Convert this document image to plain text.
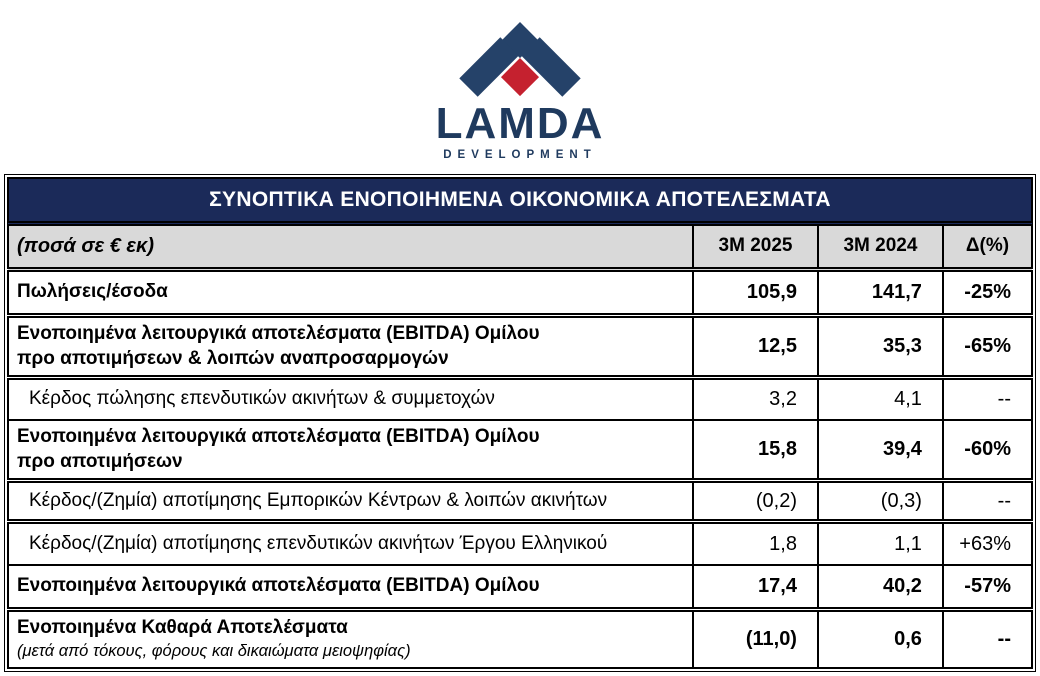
LAMDA
DEVELOPMENT
ΣΥΝΟΠΤΙΚΑ ΕΝΟΠΟΙΗΜΕΝΑ ΟΙΚΟΝΟΜΙΚΑ ΑΠΟΤΕΛΕΣΜΑΤΑ
(ποσά σε € εκ)	3M 2025	3M 2024	Δ(%)

Πωλήσεις/έσοδα	105,9	141,7	-25%

Ενοποιημένα λειτουργικά αποτελέσματα (EBITDA) Ομίλου
προ αποτιμήσεων & λοιπών αναπροσαρμογών	12,5	35,3	-65%

Κέρδος πώλησης επενδυτικών ακινήτων & συμμετοχών	3,2	4,1	--

Ενοποιημένα λειτουργικά αποτελέσματα (EBITDA) Ομίλου
προ αποτιμήσεων	15,8	39,4	-60%

Κέρδος/(Ζημία) αποτίμησης Εμπορικών Κέντρων & λοιπών ακινήτων	(0,2)	(0,3)	--

Κέρδος/(Ζημία) αποτίμησης επενδυτικών ακινήτων Έργου Ελληνικού	1,8	1,1	+63%

Ενοποιημένα λειτουργικά αποτελέσματα (EBITDA) Ομίλου	17,4	40,2	-57%

Ενοποιημένα Καθαρά Αποτελέσματα
(μετά από τόκους, φόρους και δικαιώματα μειοψηφίας)	(11,0)	0,6	--
